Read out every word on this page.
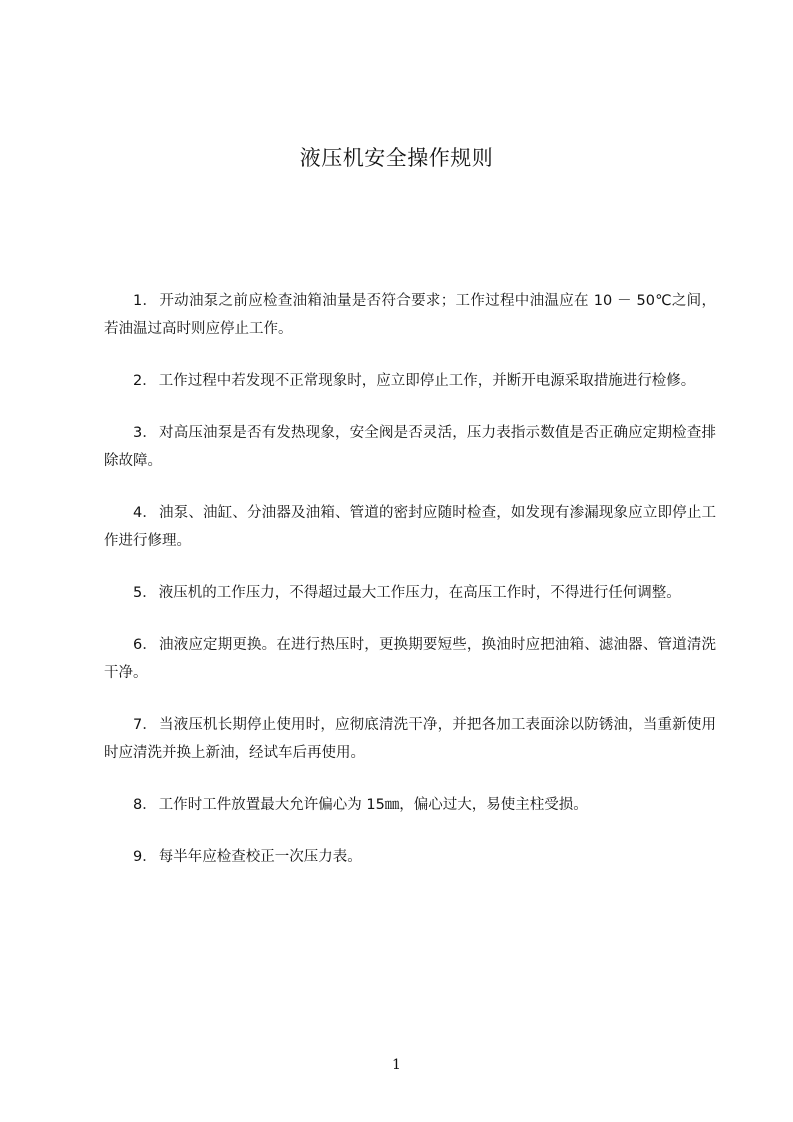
液压机安全操作规则
1． 开动油泵之前应检查油箱油量是否符合要求；工作过程中油温应在 10 － 50℃之间，若油温过高时则应停止工作。
2． 工作过程中若发现不正常现象时，应立即停止工作，并断开电源采取措施进行检修。
3． 对高压油泵是否有发热现象，安全阀是否灵活，压力表指示数值是否正确应定期检查排除故障。
4． 油泵、油缸、分油器及油箱、管道的密封应随时检查，如发现有渗漏现象应立即停止工作进行修理。
5． 液压机的工作压力，不得超过最大工作压力，在高压工作时，不得进行任何调整。
6． 油液应定期更换。在进行热压时，更换期要短些，换油时应把油箱、滤油器、管道清洗干净。
7． 当液压机长期停止使用时，应彻底清洗干净，并把各加工表面涂以防锈油，当重新使用时应清洗并换上新油，经试车后再使用。
8． 工作时工件放置最大允许偏心为 15㎜，偏心过大，易使主柱受损。
9． 每半年应检查校正一次压力表。
1
